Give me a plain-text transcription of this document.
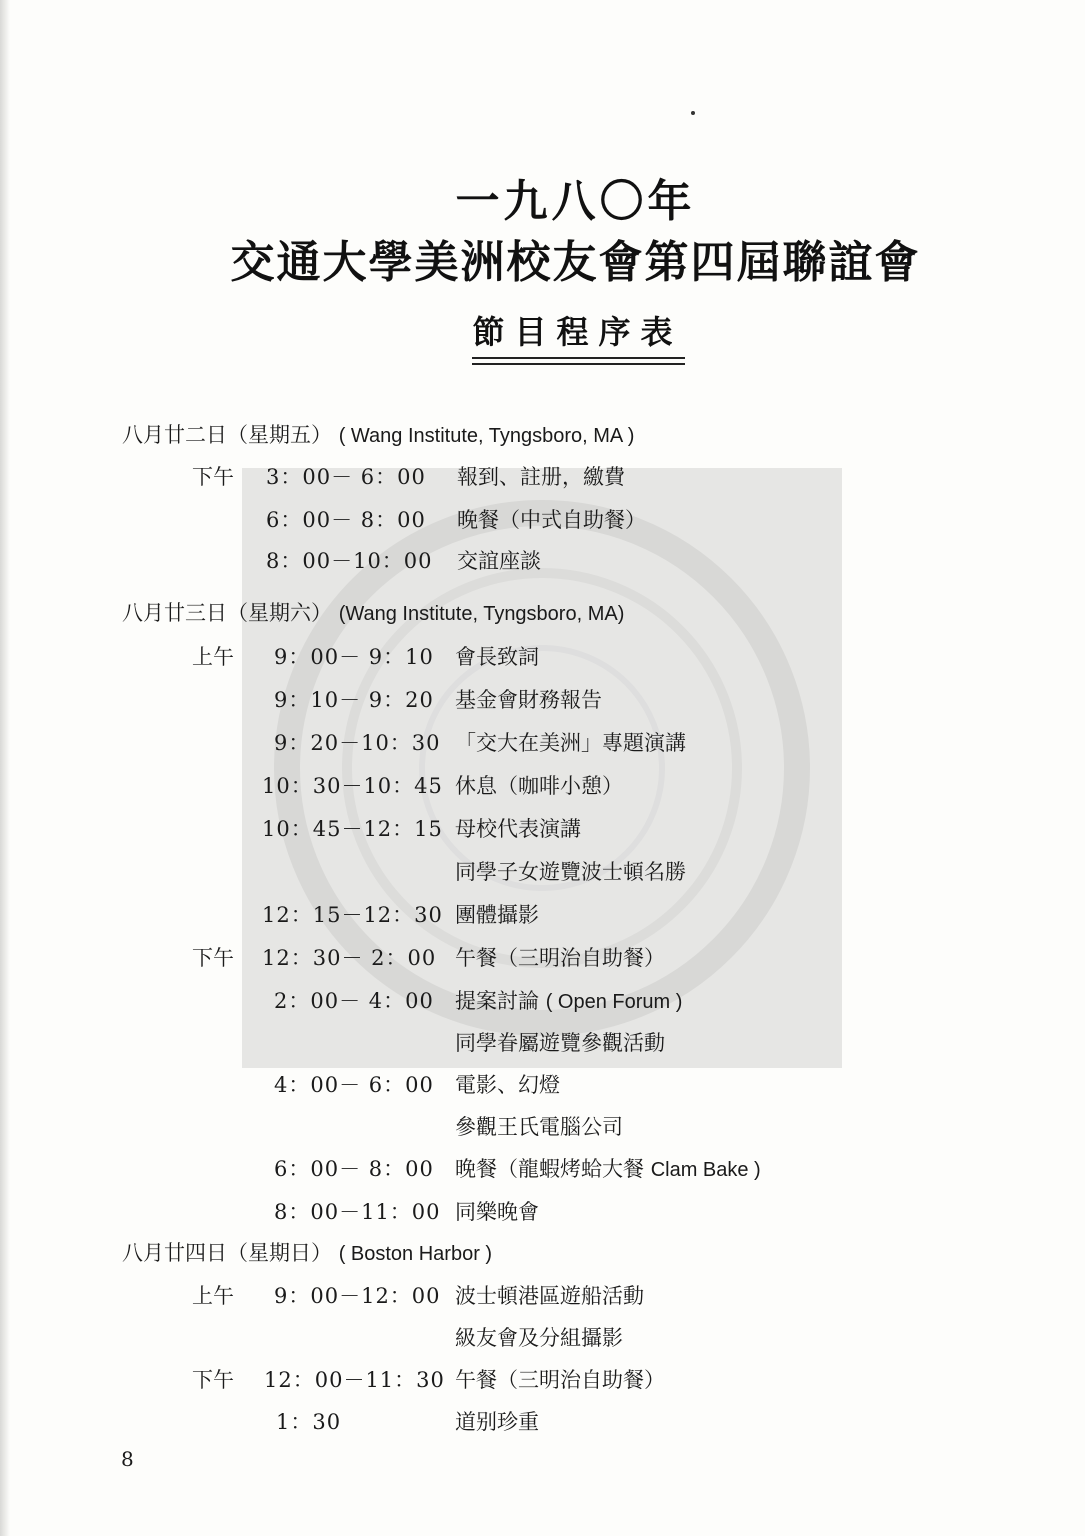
一九八〇年
交通大學美洲校友會第四屆聯誼會
節目程序表
八月廿二日（星期五） ( Wang Institute, Tyngsboro, MA )
下午 3：00－ 6：00 報到、註册，繳費
6：00－ 8：00 晚餐（中式自助餐）
8：00－10：00 交誼座談
八月廿三日（星期六） (Wang Institute, Tyngsboro, MA)
上午 9：00－ 9：10 會長致詞
9：10－ 9：20 基金會財務報告
9：20－10：30 「交大在美洲」專題演講
10：30－10：45 休息（咖啡小憩）
10：45－12：15 母校代表演講
同學子女遊覽波士頓名勝
12：15－12：30 團體攝影
下午 12：30－ 2：00 午餐（三明治自助餐）
2：00－ 4：00 提案討論 ( Open Forum )
同學眷屬遊覽參觀活動
4：00－ 6：00 電影、幻燈
參觀王氏電腦公司
6：00－ 8：00 晚餐（龍蝦烤蛤大餐 Clam Bake )
8：00－11：00 同樂晚會
八月廿四日（星期日） ( Boston Harbor )
上午 9：00－12：00 波士頓港區遊船活動
級友會及分組攝影
下午 12：00－11：30 午餐（三明治自助餐）
1：30	道别珍重
8
